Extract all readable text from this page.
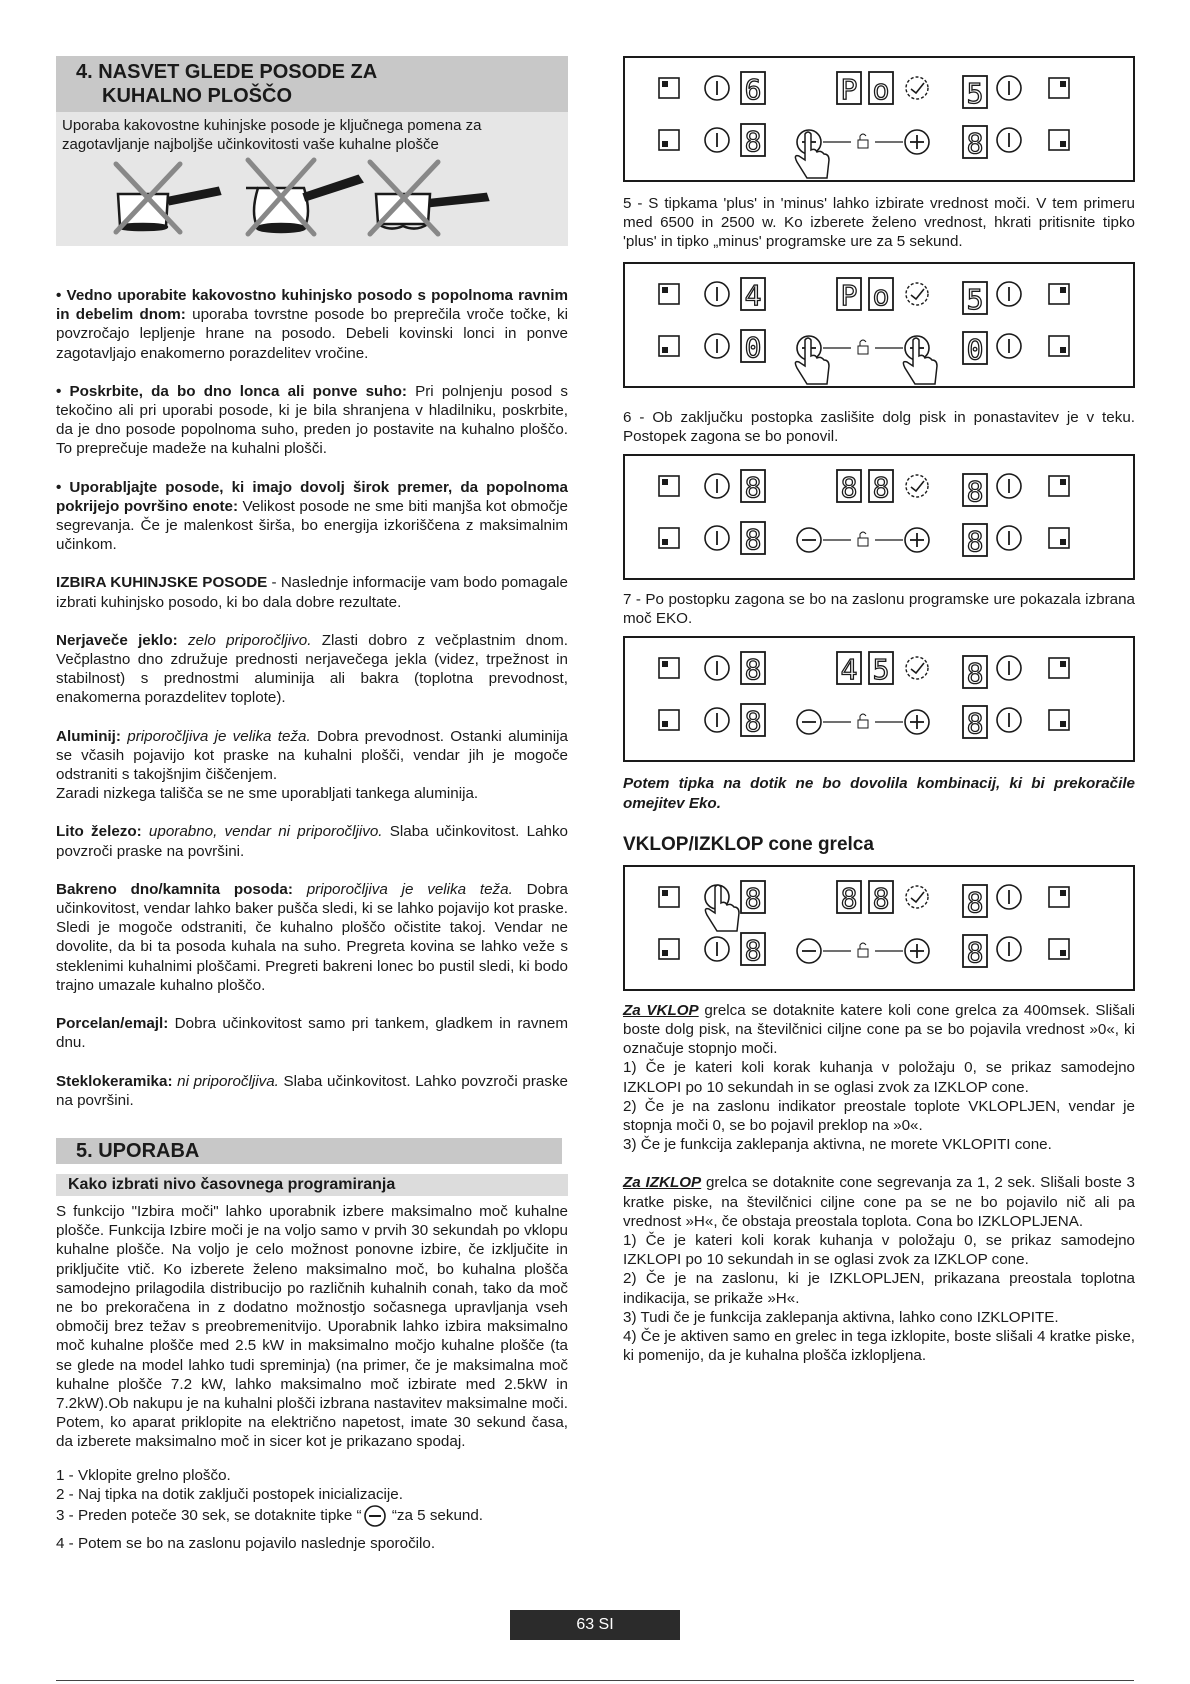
4. NASVET GLEDE POSODE ZA
KUHALNO PLOŠČO
Uporaba kakovostne kuhinjske posode je ključnega pomena za zagotavljanje najboljše učinkovitosti vaše kuhalne plošče

• Vedno uporabite kakovostno kuhinjsko posodo s popolnoma ravnim in debelim dnom: uporaba tovrstne posode bo preprečila vroče točke, ki povzročajo lepljenje hrane na posodo. Debeli kovinski lonci in ponve zagotavljajo enakomerno porazdelitev vročine.

• Poskrbite, da bo dno lonca ali ponve suho: Pri polnjenju posod s tekočino ali pri uporabi posode, ki je bila shranjena v hladilniku, poskrbite, da je dno posode popolnoma suho, preden jo postavite na kuhalno ploščo. To preprečuje madeže na kuhalni plošči.

• Uporabljajte posode, ki imajo dovolj širok premer, da popolnoma pokrijejo površino enote: Velikost posode ne sme biti manjša kot območje segrevanja. Če je malenkost širša, bo energija izkoriščena z maksimalnim učinkom.

IZBIRA KUHINJSKE POSODE - Naslednje informacije vam bodo pomagale izbrati kuhinjsko posodo, ki bo dala dobre rezultate.

Nerjaveče jeklo: zelo priporočljivo. Zlasti dobro z večplastnim dnom. Večplastno dno združuje prednosti nerjavečega jekla (videz, trpežnost in stabilnost) s prednostmi aluminija ali bakra (toplotna prevodnost, enakomerna porazdelitev toplote).

Aluminij: priporočljiva je velika teža. Dobra prevodnost. Ostanki aluminija se včasih pojavijo kot praske na kuhalni plošči, vendar jih je mogoče odstraniti s takojšnjim čiščenjem.
Zaradi nizkega tališča se ne sme uporabljati tankega aluminija.

Lito železo: uporabno, vendar ni priporočljivo. Slaba učinkovitost. Lahko povzroči praske na površini.

Bakreno dno/kamnita posoda: priporočljiva je velika teža. Dobra učinkovitost, vendar lahko baker pušča sledi, ki se lahko pojavijo kot praske. Sledi je mogoče odstraniti, če kuhalno ploščo očistite takoj. Vendar ne dovolite, da bi ta posoda kuhala na suho. Pregreta kovina se lahko veže s steklenimi kuhalnimi ploščami. Pregreti bakreni lonec bo pustil sledi, ki bodo trajno umazale kuhalno ploščo.

Porcelan/emajl: Dobra učinkovitost samo pri tankem, gladkem in ravnem dnu.

Steklokeramika: ni priporočljiva. Slaba učinkovitost. Lahko povzroči praske na površini.

5. UPORABA
Kako izbrati nivo časovnega programiranja

S funkcijo "Izbira moči" lahko uporabnik izbere maksimalno moč kuhalne plošče. Funkcija Izbire moči je na voljo samo v prvih 30 sekundah po vklopu kuhalne plošče. Na voljo je celo možnost ponovne izbire, če izključite in priključite vtič. Ko izberete želeno maksimalno moč, bo kuhalna plošča samodejno prilagodila distribucijo po različnih kuhalnih conah, tako da moč ne bo prekoračena in z dodatno možnostjo sočasnega upravljanja vseh območij brez težav s preobremenitvijo. Uporabnik lahko izbira maksimalno moč kuhalne plošče med 2.5 kW in maksimalno močjo kuhalne plošče (ta se glede na model lahko tudi spreminja) (na primer, če je maksimalna moč kuhalne plošče 7.2 kW, lahko maksimalno moč izbirate med 2.5kW in 7.2kW).Ob nakupu je na kuhalni plošči izbrana nastavitev maksimalne moči. Potem, ko aparat priklopite na električno napetost, imate 30 sekund časa, da izberete maksimalno moč in sicer kot je prikazano spodaj.

1 - Vklopite grelno ploščo.
2 - Naj tipka na dotik zaključi postopek inicializacije.
3 - Preden poteče 30 sek, se dotaknite tipke “ “za 5 sekund.
4 - Potem se bo na zaslonu pojavilo naslednje sporočilo.
6	P o	5
8	8

5 - S tipkama 'plus' in 'minus' lahko izbirate vrednost moči. V tem primeru med 6500 in 2500 w. Ko izberete želeno vrednost, hkrati pritisnite tipko 'plus' in tipko „minus' programske ure za 5 sekund.

4	P o	5
0	0

6 - Ob zaključku postopka zaslišite dolg pisk in ponastavitev je v teku. Postopek zagona se bo ponovil.

8	8 8	8
8	8

7 - Po postopku zagona se bo na zaslonu programske ure pokazala izbrana moč EKO.

8	4 5	8
8	8

Potem tipka na dotik ne bo dovolila kombinacij, ki bi prekoračile omejitev Eko.

VKLOP/IZKLOP cone grelca
8	8 8	8
8	8

Za VKLOP grelca se dotaknite katere koli cone grelca za 400msek. Slišali boste dolg pisk, na številčnici ciljne cone pa se bo pojavila vrednost »0«, ki označuje stopnjo moči.
1) Če je kateri koli korak kuhanja v položaju 0, se prikaz samodejno IZKLOPI po 10 sekundah in se oglasi zvok za IZKLOP cone.
2) Če je na zaslonu indikator preostale toplote VKLOPLJEN, vendar je stopnja moči 0, se bo pojavil preklop na »0«.
3) Če je funkcija zaklepanja aktivna, ne morete VKLOPITI cone.

Za IZKLOP grelca se dotaknite cone segrevanja za 1, 2 sek. Slišali boste 3 kratke piske, na številčnici ciljne cone pa se ne bo pojavilo nič ali pa vrednost »H«, če obstaja preostala toplota. Cona bo IZKLOPLJENA.
1) Če je kateri koli korak kuhanja v položaju 0, se prikaz samodejno IZKLOPI po 10 sekundah in se oglasi zvok za IZKLOP cone.
2) Če je na zaslonu, ki je IZKLOPLJEN, prikazana preostala toplotna indikacija, se prikaže »H«.
3) Tudi če je funkcija zaklepanja aktivna, lahko cono IZKLOPITE.
4) Če je aktiven samo en grelec in tega izklopite, boste slišali 4 kratke piske, ki pomenijo, da je kuhalna plošča izklopljena.

63 SI
